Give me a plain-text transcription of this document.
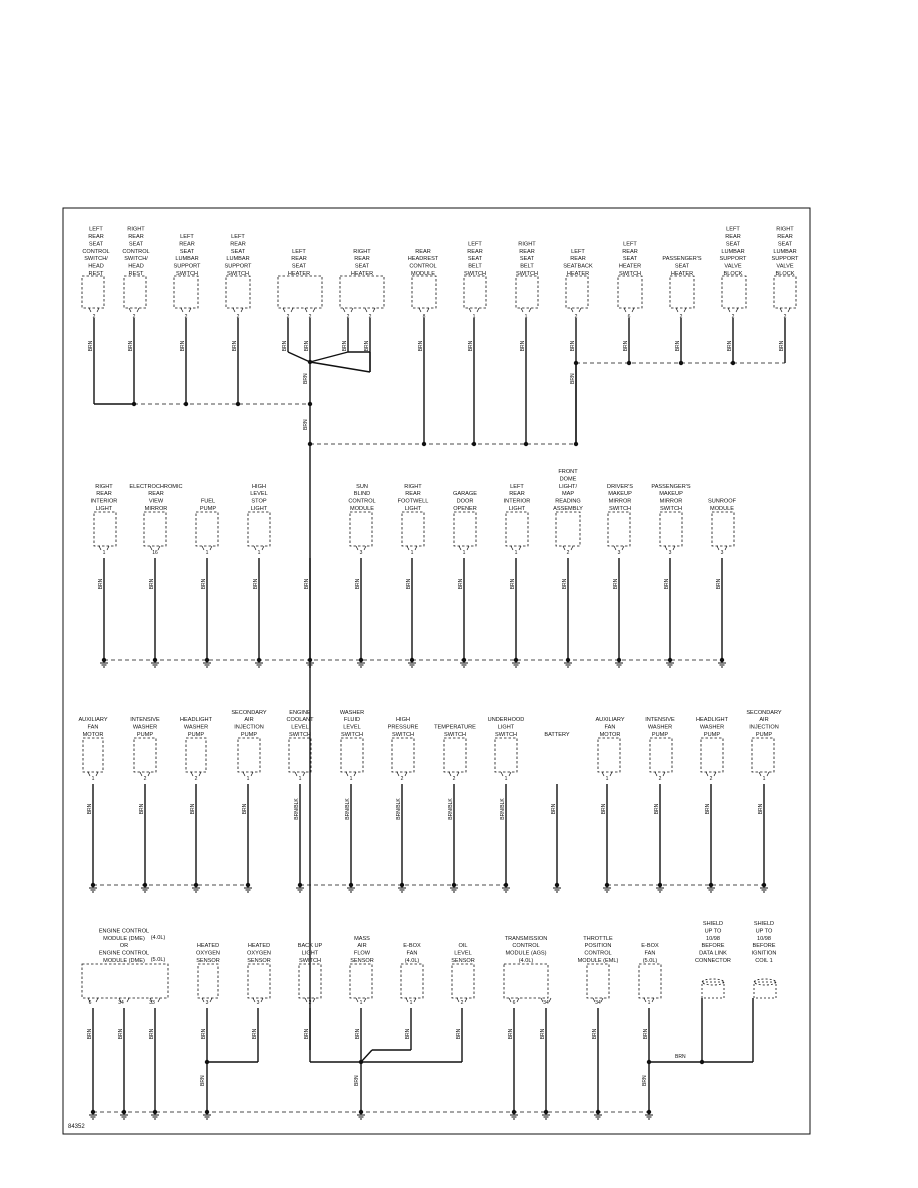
LEFT
REAR
SEAT
CONTROL
SWITCH/
HEAD
REST
2
BRN
RIGHT
REAR
SEAT
CONTROL
SWITCH/
HEAD
REST
2
BRN
LEFT
REAR
SEAT
LUMBAR
SUPPORT
SWITCH
2
BRN
LEFT
REAR
SEAT
LUMBAR
SUPPORT
SWITCH
2
BRN
LEFT
REAR
SEAT
HEATER
2	2
BRN	BRN
RIGHT
REAR
SEAT
HEATER
2	2
BRN	BRN
REAR
HEADREST
CONTROL
MODULE
8
BRN
LEFT
REAR
SEAT
BELT
SWITCH
1
BRN
RIGHT
REAR
SEAT
BELT
SWITCH
1
BRN
LEFT
REAR
SEATBACK
HEATER
2
BRN
LEFT
REAR
SEAT
HEATER
SWITCH
6
BRN
PASSENGER'S
SEAT
HEATER
2
BRN
LEFT
REAR
SEAT
LUMBAR
SUPPORT
VALVE
BLOCK
2
BRN
RIGHT
REAR
SEAT
LUMBAR
SUPPORT
VALVE
BLOCK
2
BRN
RIGHT
REAR
INTERIOR
LIGHT
1
BRN
ELECTROCHROMIC
REAR
VIEW
MIRROR
16
BRN
FUEL
PUMP
1
BRN
HIGH
LEVEL
STOP
LIGHT
1
BRN	BRN
SUN
BLIND
CONTROL
MODULE
3
BRN
RIGHT
REAR
FOOTWELL
LIGHT
1
BRN
GARAGE
DOOR
OPENER
1
BRN
LEFT
REAR
INTERIOR
LIGHT
1
BRN
FRONT
DOME
LIGHT/
MAP
READING
ASSEMBLY
2
BRN
DRIVER'S
MAKEUP
MIRROR
SWITCH
3
BRN
PASSENGER'S
MAKEUP
MIRROR
SWITCH
3
BRN
SUNROOF
MODULE
3
BRN
AUXILIARY
FAN
MOTOR
1
BRN
INTENSIVE
WASHER
PUMP
2
BRN
HEADLIGHT
WASHER
PUMP
2
BRN
SECONDARY
AIR
INJECTION
PUMP
1
BRN
ENGINE
COOLANT
LEVEL
SWITCH
1
BRN/BLK
WASHER
FLUID
LEVEL
SWITCH
1
BRN/BLK
HIGH
PRESSURE
SWITCH
2
BRN/BLK
TEMPERATURE
SWITCH
2
BRN/BLK
UNDERHOOD
LIGHT
SWITCH
1
BRN/BLK
BATTERY
BRN
AUXILIARY
FAN
MOTOR
1
BRN
INTENSIVE
WASHER
PUMP
2
BRN
HEADLIGHT
WASHER
PUMP
2
BRN
SECONDARY
AIR
INJECTION
PUMP
1
BRN
ENGINE CONTROL
MODULE (DME)
OR
ENGINE CONTROL
MODULE (DME)
(4.0L)
(5.0L)
6	34	33
BRN	BRN	BRN
HEATED
OXYGEN
SENSOR
3
BRN
HEATED
OXYGEN
SENSOR
3
BRN
BACK UP
LIGHT
SWITCH
2
BRN
MASS
AIR
FLOW
SENSOR
1
BRN
E-BOX
FAN
(4.0L)
1
BRN
OIL
LEVEL
SENSOR
2
BRN
TRANSMISSION
CONTROL
MODULE (AGS)
(4.0L)
6	34
BRN	BRN
THROTTLE
POSITION
CONTROL
MODULE (EML)
34
BRN
E-BOX
FAN
(5.0L)
1
BRN
SHIELD
UP TO
10/98
BEFORE
DATA LINK
CONNECTOR
SHIELD
UP TO
10/98
BEFORE
IGNITION
COIL 1
BRN
BRN
BRN
BRN	BRN
BRN
BRN
84352
